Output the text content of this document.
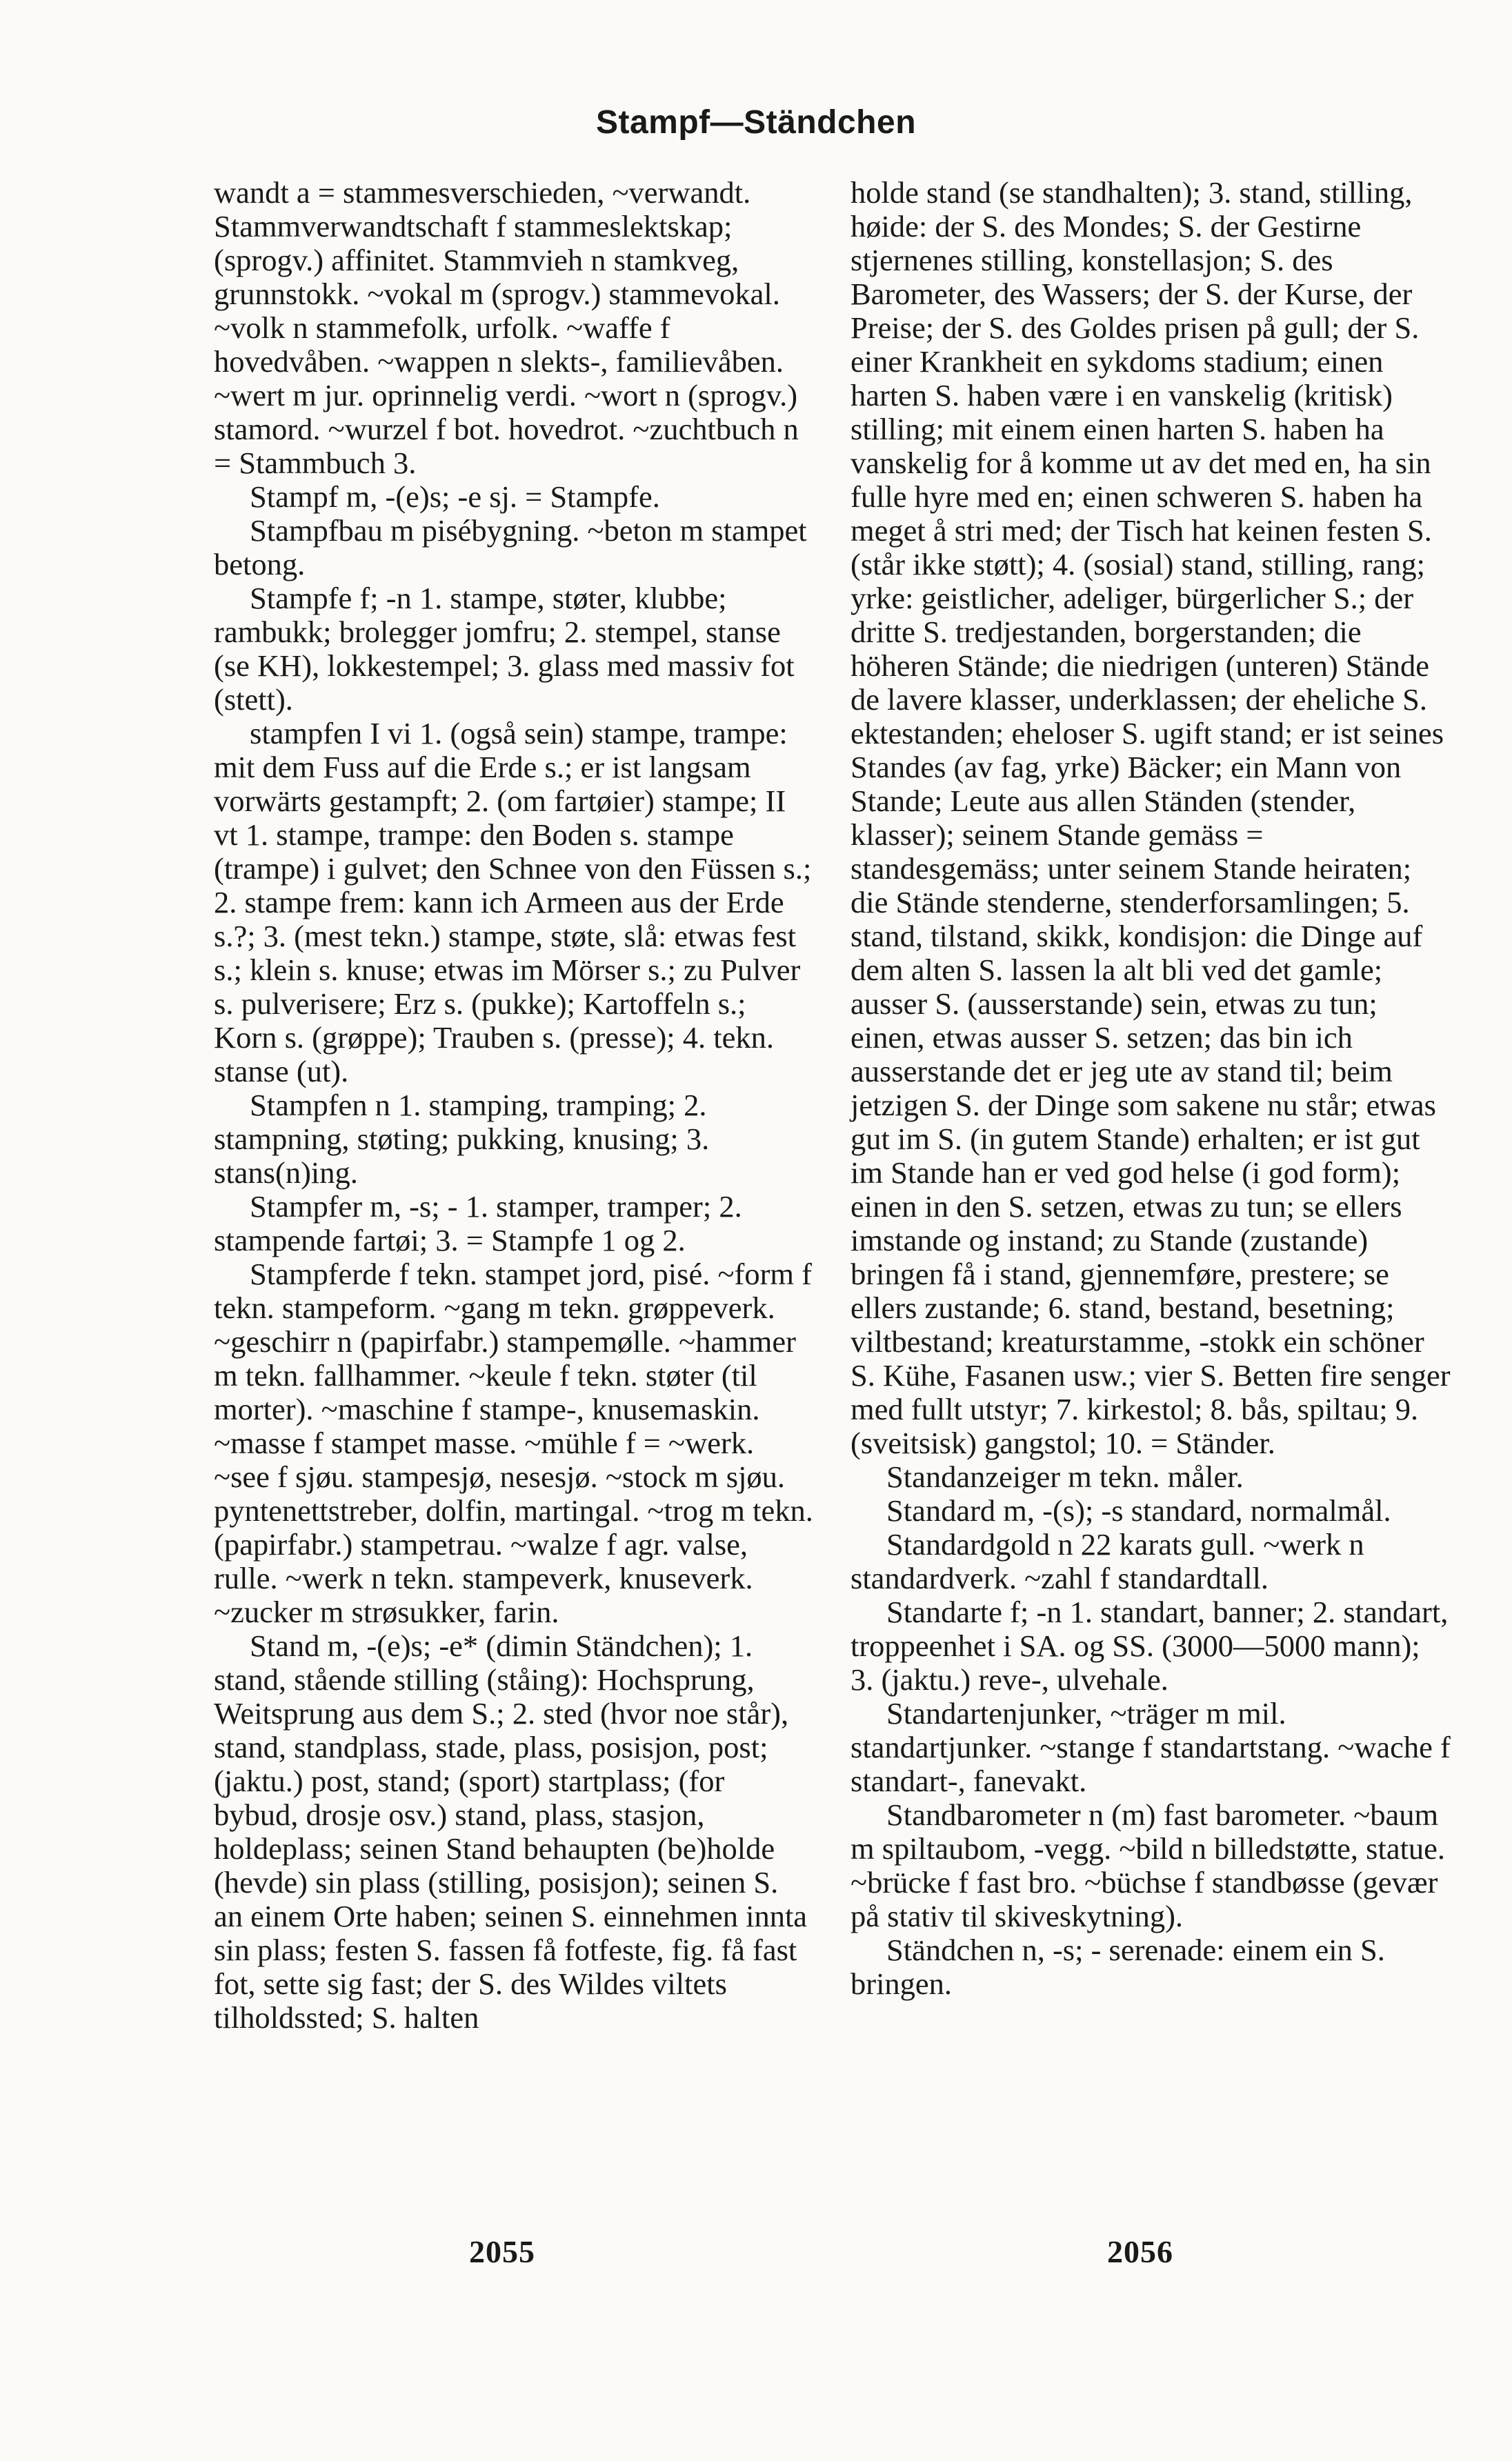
Stampf—Ständchen

wandt a = stammesverschieden, ~verwandt. Stammverwandtschaft f stammeslektskap; (sprogv.) affinitet. Stammvieh n stamkveg, grunnstokk. ~vokal m (sprogv.) stammevokal. ~volk n stammefolk, urfolk. ~waffe f hovedvåben. ~wappen n slekts-, familievåben. ~wert m jur. oprinnelig verdi. ~wort n (sprogv.) stamord. ~wurzel f bot. hovedrot. ~zuchtbuch n = Stammbuch 3.

Stampf m, -(e)s; -e sj. = Stampfe.

Stampfbau m pisébygning. ~beton m stampet betong.

Stampfe f; -n 1. stampe, støter, klubbe; rambukk; brolegger jomfru; 2. stempel, stanse (se KH), lokkestempel; 3. glass med massiv fot (stett).

stampfen I vi 1. (også sein) stampe, trampe: mit dem Fuss auf die Erde s.; er ist langsam vorwärts gestampft; 2. (om fartøier) stampe; II vt 1. stampe, trampe: den Boden s. stampe (trampe) i gulvet; den Schnee von den Füssen s.; 2. stampe frem: kann ich Armeen aus der Erde s.?; 3. (mest tekn.) stampe, støte, slå: etwas fest s.; klein s. knuse; etwas im Mörser s.; zu Pulver s. pulverisere; Erz s. (pukke); Kartoffeln s.; Korn s. (grøppe); Trauben s. (presse); 4. tekn. stanse (ut).

Stampfen n 1. stamping, tramping; 2. stampning, støting; pukking, knusing; 3. stans(n)ing.

Stampfer m, -s; - 1. stamper, tramper; 2. stampende fartøi; 3. = Stampfe 1 og 2.

Stampferde f tekn. stampet jord, pisé. ~form f tekn. stampeform. ~gang m tekn. grøppeverk. ~geschirr n (papirfabr.) stampemølle. ~hammer m tekn. fallhammer. ~keule f tekn. støter (til morter). ~maschine f stampe-, knusemaskin. ~masse f stampet masse. ~mühle f = ~werk. ~see f sjøu. stampesjø, nesesjø. ~stock m sjøu. pyntenettstreber, dolfin, martingal. ~trog m tekn. (papirfabr.) stampetrau. ~walze f agr. valse, rulle. ~werk n tekn. stampeverk, knuseverk. ~zucker m strøsukker, farin.

Stand m, -(e)s; -e* (dimin Ständchen); 1. stand, stående stilling (ståing): Hochsprung, Weitsprung aus dem S.; 2. sted (hvor noe står), stand, standplass, stade, plass, posisjon, post; (jaktu.) post, stand; (sport) startplass; (for bybud, drosje osv.) stand, plass, stasjon, holdeplass; seinen Stand behaupten (be)holde (hevde) sin plass (stilling, posisjon); seinen S. an einem Orte haben; seinen S. einnehmen innta sin plass; festen S. fassen få fotfeste, fig. få fast fot, sette sig fast; der S. des Wildes viltets tilholdssted; S. halten

holde stand (se standhalten); 3. stand, stilling, høide: der S. des Mondes; S. der Gestirne stjernenes stilling, konstellasjon; S. des Barometer, des Wassers; der S. der Kurse, der Preise; der S. des Goldes prisen på gull; der S. einer Krankheit en sykdoms stadium; einen harten S. haben være i en vanskelig (kritisk) stilling; mit einem einen harten S. haben ha vanskelig for å komme ut av det med en, ha sin fulle hyre med en; einen schweren S. haben ha meget å stri med; der Tisch hat keinen festen S. (står ikke støtt); 4. (sosial) stand, stilling, rang; yrke: geistlicher, adeliger, bürgerlicher S.; der dritte S. tredjestanden, borgerstanden; die höheren Stände; die niedrigen (unteren) Stände de lavere klasser, underklassen; der eheliche S. ektestanden; eheloser S. ugift stand; er ist seines Standes (av fag, yrke) Bäcker; ein Mann von Stande; Leute aus allen Ständen (stender, klasser); seinem Stande gemäss = standesgemäss; unter seinem Stande heiraten; die Stände stenderne, stenderforsamlingen; 5. stand, tilstand, skikk, kondisjon: die Dinge auf dem alten S. lassen la alt bli ved det gamle; ausser S. (ausserstande) sein, etwas zu tun; einen, etwas ausser S. setzen; das bin ich ausserstande det er jeg ute av stand til; beim jetzigen S. der Dinge som sakene nu står; etwas gut im S. (in gutem Stande) erhalten; er ist gut im Stande han er ved god helse (i god form); einen in den S. setzen, etwas zu tun; se ellers imstande og instand; zu Stande (zustande) bringen få i stand, gjennemføre, prestere; se ellers zustande; 6. stand, bestand, besetning; viltbestand; kreaturstamme, -stokk ein schöner S. Kühe, Fasanen usw.; vier S. Betten fire senger med fullt utstyr; 7. kirkestol; 8. bås, spiltau; 9. (sveitsisk) gangstol; 10. = Ständer.

Standanzeiger m tekn. måler.

Standard m, -(s); -s standard, normalmål.

Standardgold n 22 karats gull. ~werk n standardverk. ~zahl f standardtall.

Standarte f; -n 1. standart, banner; 2. standart, troppeenhet i SA. og SS. (3000—5000 mann); 3. (jaktu.) reve-, ulvehale.

Standartenjunker, ~träger m mil. standartjunker. ~stange f standartstang. ~wache f standart-, fanevakt.

Standbarometer n (m) fast barometer. ~baum m spiltaubom, -vegg. ~bild n billedstøtte, statue. ~brücke f fast bro. ~büchse f standbøsse (gevær på stativ til skiveskytning).

Ständchen n, -s; - serenade: einem ein S. bringen.

2055	2056
